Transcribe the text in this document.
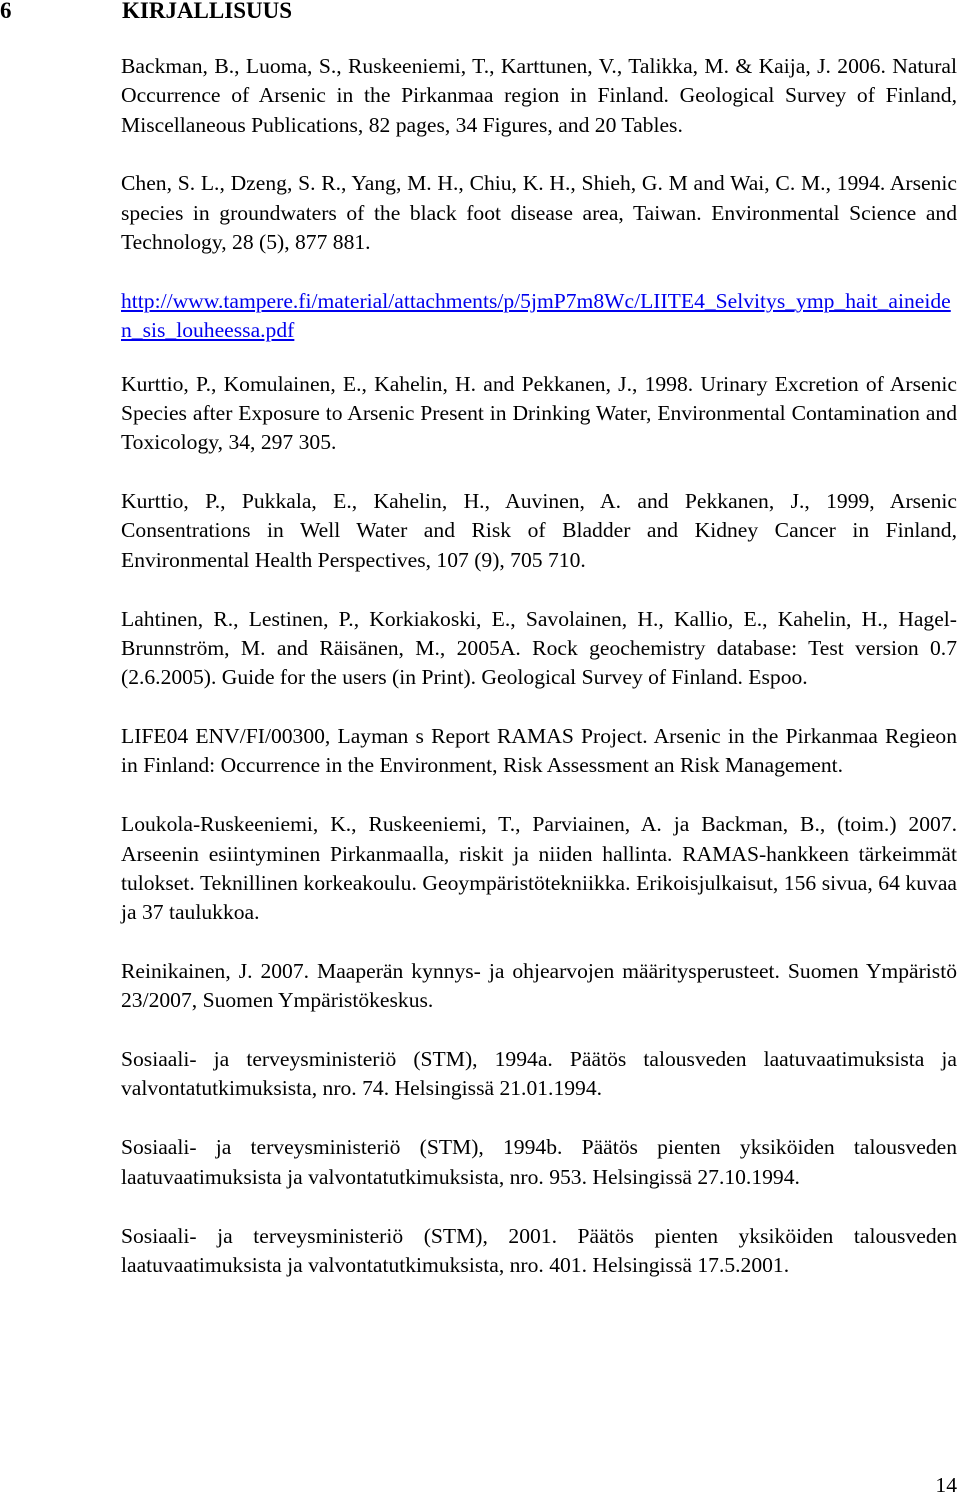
6	KIRJALLISUUS

Backman, B., Luoma, S., Ruskeeniemi, T., Karttunen, V., Talikka, M. & Kaija, J. 2006. Natural Occurrence of Arsenic in the Pirkanmaa region in Finland. Geological Survey of Finland, Miscellaneous Publications, 82 pages, 34 Figures, and 20 Tables.

Chen, S. L., Dzeng, S. R., Yang, M. H., Chiu, K. H., Shieh, G. M and Wai, C. M., 1994. Arsenic species in groundwaters of the black foot disease area, Taiwan. Environmental Science and Technology, 28 (5), 877 881.

http://www.tampere.fi/material/attachments/p/5jmP7m8Wc/LIITE4_Selvitys_ymp_hait_aineiden_sis_louheessa.pdf

Kurttio, P., Komulainen, E., Kahelin, H. and Pekkanen, J., 1998. Urinary Excretion of Arsenic Species after Exposure to Arsenic Present in Drinking Water, Environmental Contamination and Toxicology, 34, 297 305.

Kurttio, P., Pukkala, E., Kahelin, H., Auvinen, A. and Pekkanen, J., 1999, Arsenic Consentrations in Well Water and Risk of Bladder and Kidney Cancer in Finland, Environmental Health Perspectives, 107 (9), 705 710.

Lahtinen, R., Lestinen, P., Korkiakoski, E., Savolainen, H., Kallio, E., Kahelin, H., Hagel-Brunnström, M. and Räisänen, M., 2005A. Rock geochemistry database: Test version 0.7 (2.6.2005). Guide for the users (in Print). Geological Survey of Finland. Espoo.

LIFE04 ENV/FI/00300, Layman s Report RAMAS Project. Arsenic in the Pirkanmaa Regieon in Finland: Occurrence in the Environment, Risk Assessment an Risk Management.

Loukola-Ruskeeniemi, K., Ruskeeniemi, T., Parviainen, A. ja Backman, B., (toim.) 2007. Arseenin esiintyminen Pirkanmaalla, riskit ja niiden hallinta. RAMAS-hankkeen tärkeimmät tulokset. Teknillinen korkeakoulu. Geoympäristötekniikka. Erikoisjulkaisut, 156 sivua, 64 kuvaa ja 37 taulukkoa.

Reinikainen, J. 2007. Maaperän kynnys- ja ohjearvojen määritysperusteet. Suomen Ympäristö 23/2007, Suomen Ympäristökeskus.

Sosiaali- ja terveysministeriö (STM), 1994a. Päätös talousveden laatuvaatimuksista ja valvontatutkimuksista, nro. 74. Helsingissä 21.01.1994.

Sosiaali- ja terveysministeriö (STM), 1994b. Päätös pienten yksiköiden talousveden laatuvaatimuksista ja valvontatutkimuksista, nro. 953. Helsingissä 27.10.1994.

Sosiaali- ja terveysministeriö (STM), 2001. Päätös pienten yksiköiden talousveden laatuvaatimuksista ja valvontatutkimuksista, nro. 401. Helsingissä 17.5.2001.

14
